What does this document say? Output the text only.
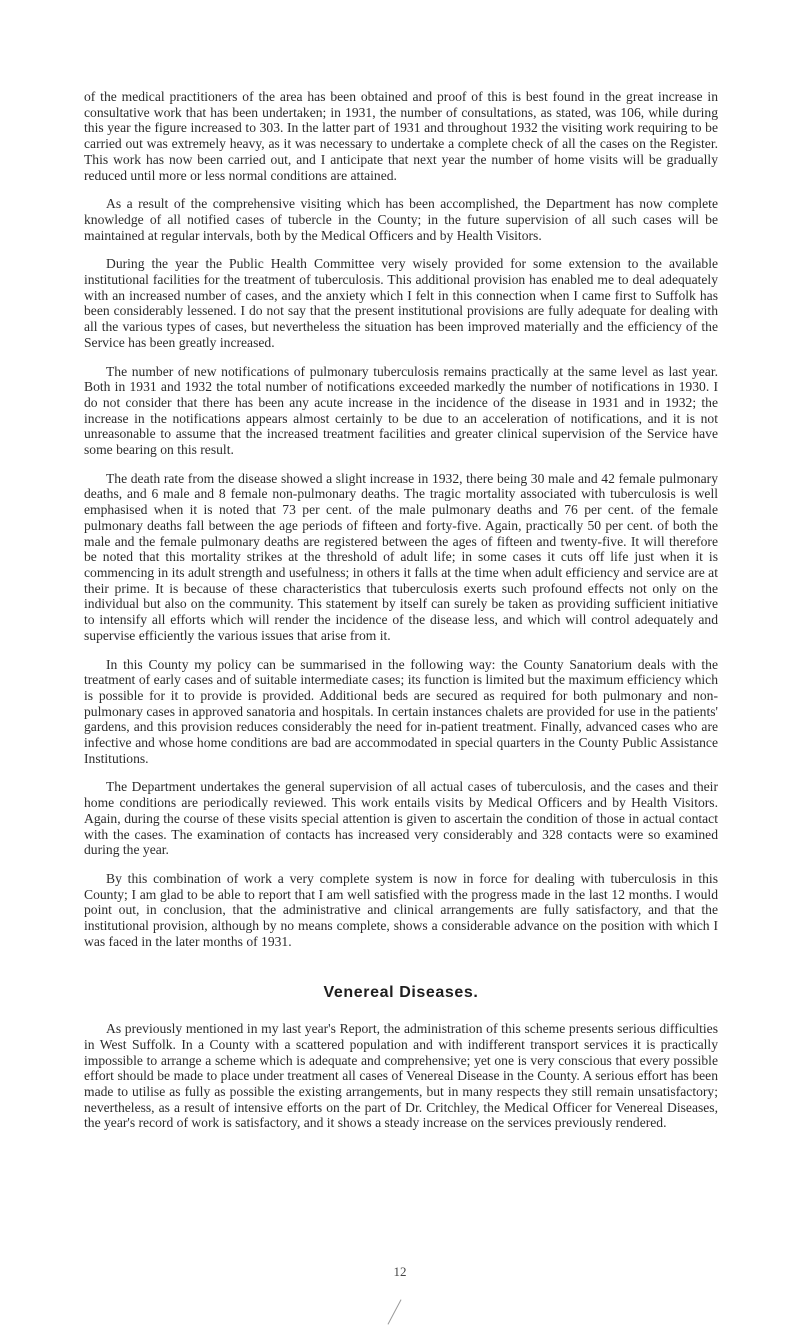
of the medical practitioners of the area has been obtained and proof of this is best found in the great increase in consultative work that has been undertaken; in 1931, the number of consultations, as stated, was 106, while during this year the figure increased to 303. In the latter part of 1931 and throughout 1932 the visiting work requiring to be carried out was extremely heavy, as it was necessary to undertake a complete check of all the cases on the Register. This work has now been carried out, and I anticipate that next year the number of home visits will be gradually reduced until more or less normal conditions are attained.

As a result of the comprehensive visiting which has been accomplished, the Department has now complete knowledge of all notified cases of tubercle in the County; in the future supervision of all such cases will be maintained at regular intervals, both by the Medical Officers and by Health Visitors.

During the year the Public Health Committee very wisely provided for some extension to the available institutional facilities for the treatment of tuberculosis. This additional provision has enabled me to deal adequately with an increased number of cases, and the anxiety which I felt in this connection when I came first to Suffolk has been considerably lessened. I do not say that the present institutional provisions are fully adequate for dealing with all the various types of cases, but nevertheless the situation has been improved materially and the efficiency of the Service has been greatly increased.

The number of new notifications of pulmonary tuberculosis remains practically at the same level as last year. Both in 1931 and 1932 the total number of notifications exceeded markedly the number of notifications in 1930. I do not consider that there has been any acute increase in the incidence of the disease in 1931 and in 1932; the increase in the notifications appears almost certainly to be due to an acceleration of notifications, and it is not unreasonable to assume that the increased treatment facilities and greater clinical supervision of the Service have some bearing on this result.

The death rate from the disease showed a slight increase in 1932, there being 30 male and 42 female pulmonary deaths, and 6 male and 8 female non-pulmonary deaths. The tragic mortality associated with tuberculosis is well emphasised when it is noted that 73 per cent. of the male pulmonary deaths and 76 per cent. of the female pulmonary deaths fall between the age periods of fifteen and forty-five. Again, practically 50 per cent. of both the male and the female pulmonary deaths are registered between the ages of fifteen and twenty-five. It will therefore be noted that this mortality strikes at the threshold of adult life; in some cases it cuts off life just when it is commencing in its adult strength and usefulness; in others it falls at the time when adult efficiency and service are at their prime. It is because of these characteristics that tuberculosis exerts such profound effects not only on the individual but also on the community. This statement by itself can surely be taken as providing sufficient initiative to intensify all efforts which will render the incidence of the disease less, and which will control adequately and supervise efficiently the various issues that arise from it.

In this County my policy can be summarised in the following way: the County Sanatorium deals with the treatment of early cases and of suitable intermediate cases; its function is limited but the maximum efficiency which is possible for it to provide is provided. Additional beds are secured as required for both pulmonary and non-pulmonary cases in approved sanatoria and hospitals. In certain instances chalets are provided for use in the patients' gardens, and this provision reduces considerably the need for in-patient treatment. Finally, advanced cases who are infective and whose home conditions are bad are accommodated in special quarters in the County Public Assistance Institutions.

The Department undertakes the general supervision of all actual cases of tuberculosis, and the cases and their home conditions are periodically reviewed. This work entails visits by Medical Officers and by Health Visitors. Again, during the course of these visits special attention is given to ascertain the condition of those in actual contact with the cases. The examination of contacts has increased very considerably and 328 contacts were so examined during the year.

By this combination of work a very complete system is now in force for dealing with tuberculosis in this County; I am glad to be able to report that I am well satisfied with the progress made in the last 12 months. I would point out, in conclusion, that the administrative and clinical arrangements are fully satisfactory, and that the institutional provision, although by no means complete, shows a considerable advance on the position with which I was faced in the later months of 1931.

Venereal Diseases.

As previously mentioned in my last year's Report, the administration of this scheme presents serious difficulties in West Suffolk. In a County with a scattered population and with indifferent transport services it is practically impossible to arrange a scheme which is adequate and comprehensive; yet one is very conscious that every possible effort should be made to place under treatment all cases of Venereal Disease in the County. A serious effort has been made to utilise as fully as possible the existing arrangements, but in many respects they still remain unsatisfactory; nevertheless, as a result of intensive efforts on the part of Dr. Critchley, the Medical Officer for Venereal Diseases, the year's record of work is satisfactory, and it shows a steady increase on the services previously rendered.

12
